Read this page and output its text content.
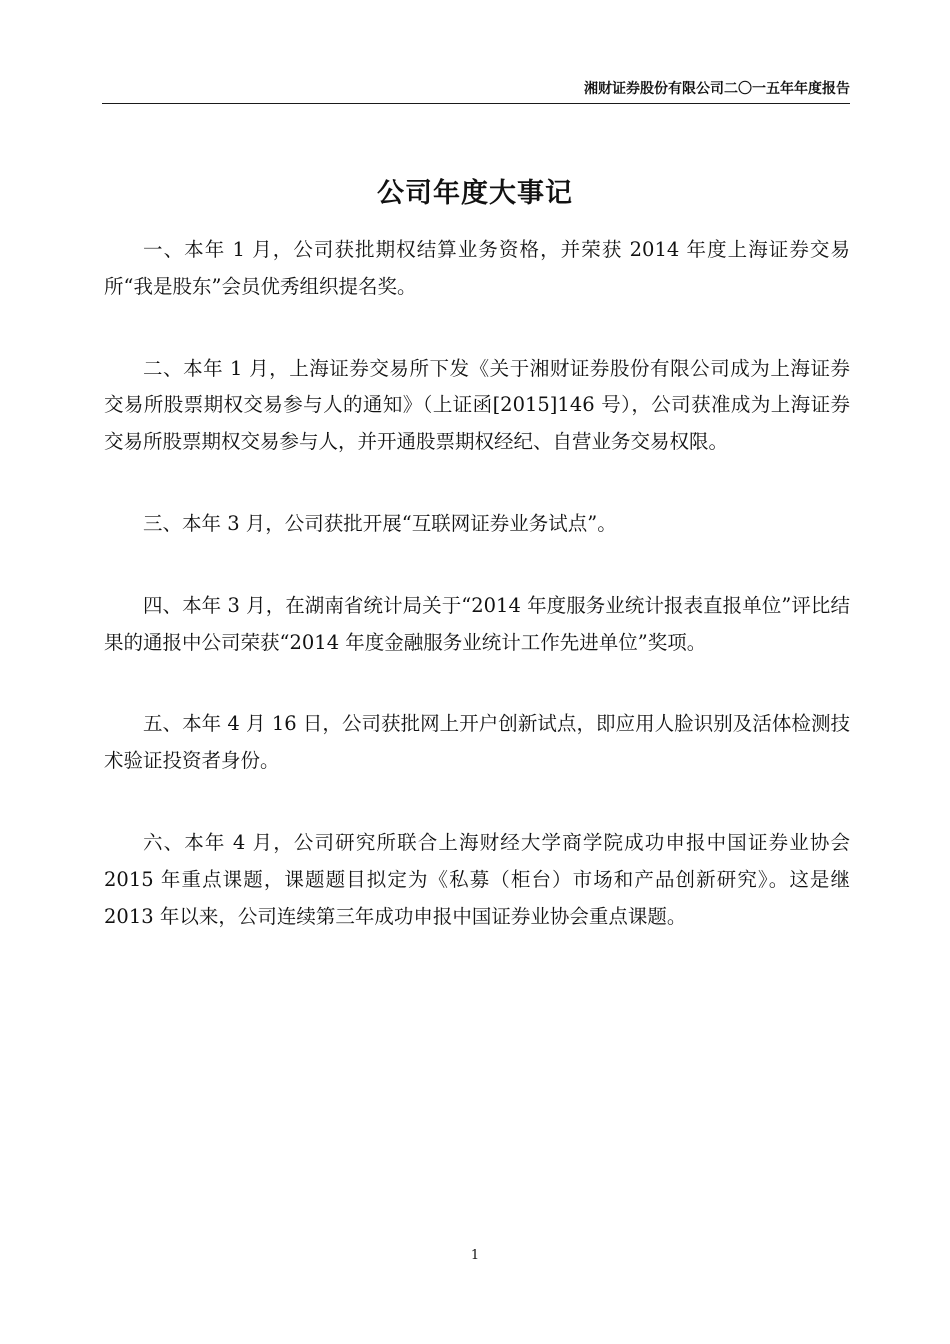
湘财证券股份有限公司二〇一五年年度报告
公司年度大事记

一、本年 1 月，公司获批期权结算业务资格，并荣获 2014 年度上海证券交易所“我是股东”会员优秀组织提名奖。

二、本年 1 月，上海证券交易所下发《关于湘财证券股份有限公司成为上海证券交易所股票期权交易参与人的通知》（上证函[2015]146 号），公司获准成为上海证券交易所股票期权交易参与人，并开通股票期权经纪、自营业务交易权限。

三、本年 3 月，公司获批开展“互联网证券业务试点”。

四、本年 3 月，在湖南省统计局关于“2014 年度服务业统计报表直报单位”评比结果的通报中公司荣获“2014 年度金融服务业统计工作先进单位”奖项。

五、本年 4 月 16 日，公司获批网上开户创新试点，即应用人脸识别及活体检测技术验证投资者身份。

六、本年 4 月，公司研究所联合上海财经大学商学院成功申报中国证券业协会 2015 年重点课题，课题题目拟定为《私募（柜台）市场和产品创新研究》。这是继 2013 年以来，公司连续第三年成功申报中国证券业协会重点课题。

1
